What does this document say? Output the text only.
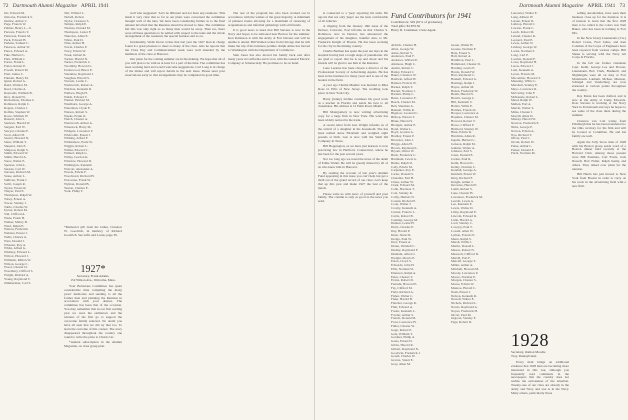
72 Dartmouth Alumni Magazine APRIL 1941
Orr, Edward M.
Osborne, Frederick S.
Outlaw, Arthur C.
Page, Francis W.
Palmer, Henry L., Jr.
Parsons, Francis T.
Patterson, Ernest M.
Peck, Edward H.
Perkins, Samuel C.
Peterson, Arthur W.
Pierce, Edward A.
Pike, Herbert L.
Platt, William J.
Porter, Frank L.
Potter, Robert E.
Powell, Robert M.
Pratt, James C.
Putnam, Henry M.
Quint, Robert G.
Rand, Wallace M.
Reed, Charles A.
Reynolds, William B.
Rice, Donald W.
Richardson, Thomas C.
Robinson, Ralph C.
Rogers, Charles J.
Rollins, Stephen W.
Rowe, William W.
Russell, John S.
Sanborn, Harold W.
Sargent, Earl W.
Sawyer, Charles F.
Scott, Albert H.
Seaver, Howard N.
Shaw, William T.
Shepard, John E.
Simpson, Ralph S.
Smith, Edward W.
Smith, Harold A.
Snow, Walter E.
Spencer, John L.
Stearns, Carl W.
Stevens, Richard M.
Stone, Arthur L.
Sullivan, Frank J.
Swift, Joseph R.
Taylor, Ernest R.
Thayer, Paul E.
Thompson, Ralph W.
Tobey, Ernest A.
Tower, Stanley J.
Tuttle, Charles W.
Upton, Robert M.
Vail, Clifford A.
Wade, Frank H.
Walker, Mabry B.
Ward, Ralph E.
Warren, Frederick
Webster, Ernest J.
Wells, Charles A.
West, Donald J.
Wheeler, Roy A.
White, Alfred G.
Whitney, Edward L.
Wilcox, Howard J.
Williams, Milton W.
Wilson, George C.
Wood, Chester D.
Woodbury, Clifford S.
Wright, Richard A.
Young, Raymond T.
Zimmerman, Carl S.
Taft, Willard L.
Tarbell, Robert
Taylor, Clarence S.
Temple, Ralph E.
Thomas, Donald M.
Thompson, Lester F.
Thurston, Allen E.
Tilton, Paul D.
Titus, Arthur H.
Towle, Charles P.
Tracy, Edwin W.
Trask, Gilbert R.
Tucker, Harold N.
Turner, Frederick C.
Twombly, Howard L.
Underwood, Bruce E.
Valentine, Raymond J.
Vaughan, Harold S.
Vincent, Leslie C.
Wadsworth, Robert A.
Waldron, Kenneth R.
Wallace, Hugh H.
Walsh, Edward T.
Warner, Herbert M.
Washburn, George A.
Waterman, Clyde E.
Watson, Robert S.
Weeks, Frank O.
Welch, Chester A.
Wentworth, Arthur A.
Wheelock, Harry M.
Whipple, Lawrence T.
Whitcomb, Ernest J.
Whiting, Alfred F.
Whittemore, Earle W.
Wiggin, Robert L.
Wilder, Edward C.
Willard, Ralph G.
Willey, Gordon K.
Winslow, Howard D.
Withington, Kenneth
Wolcott, Alexander A.
Woods, Edwin F.
Woodward, Richard H.
Worcester, Frank W.
Wyman, Donald B.
Yeaton, Charles E.
York, Philip T.
*Memorial gift from his father, Clarence W. Goodrich, in memory of Richard Goodrich. See Gifts and Loans, page 36.
1927*
Secretary, Frank Adams,
152 Wilson Ave., Welcome, Mass.

Your Barnstone Committee has spent considerable time compiling the many years' memories and sending to all the former men and planning the Reunion in accordance with your desires. The committee has been that of the occasion. You may remember that in our first reading year we were the estimators and the winners of the first go to support the overcome family selected. No doubt you have all seen that we did try that too. To learn the outcome of this contest. The story disappeared throughout the country one round to write the prize to Chuck Car-

*Annual subscription in the Alumni Magazine, on class group plan.

well who suggested: 'Let's be different and not have any reunions.' This made it very clear that so far as our plans were concerned the committee thought well of the idea. We have been considering further as to the final amount involved that the Reunion should be moved to June. The committee felt this was only right as so many men would be away. Then too, there were all these questions to be settled with respect to the tents and the whole arrangement of the weekend, the special features and so on.

Incidentally, Wells Dover writes that last year the 1927 man in charge found it a great pleasure to meet so many of the class. Also he reports that the Class Day and Commencement week were well attended by the members of the class at Hanover.

Our plans for the coming summer are in the making. We hope that all of you will plan to be with us at least for a part of the time. The committee has been working hard and would welcome suggestions. Carl Long is in charge of the dinner and will report details in the next issue. Please send your reservations early so that arrangements may be completed in good time.

The rest of the program has also been worked out in accordance with the wishes of the great majority. A minimum of planned events allowing for a maximum of renewing of acquaintances and informal gatherings with old friends.

It is good news to learn that Bill Stevens is now in the Navy and hopes to be stationed near Boston for the summer. Ken Robinson is with the Army at Fort Devens and will be unable to attend. Bill Wathen writes from Chicago that he will make the trip if his business permits. Ralph Ames has moved to Washington with the Department of Commerce.

Sam Jones has also moved his family back east after many years in California and is now with the General Electric Company at Schenectady. He promises to be on hand.

Dartmouth Alumni Magazine APRIL 1941 73

is connected to a 'jeep' reporting his units. He reports that not only 'jeeps' are the least comfortable of all vehicles.

A clipping from the January 16th issue of the Denver, Colorado, Post informs us that Charles S. Robinson, now in Denver, has announced the engagement of his daughter, Jennifer Ann, to Mr. Frederick Knight of Boston. He has been working for the city in the mining country.

Charlie Berthen has spent the past ten days in the hospital having had a rough siege of pneumonia. We are glad to report that he is up and about and his friends will be glad to see him at the Reunion.

Lane Lazarus has been chosen a director of the Professional Society of Advertising Agents. He has been in the business for many years and is one of the leaders in the field.

A year ago Charlie Mueller was married to Miss Rose O. Ellis of New Jersey. The wedding took place in New York City.

Harry (Jenny) Jardine continues his good work as a teacher in Florida and sends his best to all classmates. His address is 12 Palm Road, Miami.

Bill Montgomery is now writing advertising copy for a large firm in New York. His work has been widely noticed in the trade.

A recent letter from Gus Wright informs us of the arrival of a daughter in his household. She has been named Anne Elizabeth and weighed eight pounds at birth. Gus is now with the Shell Oil Company in Texas.

Bill Hoppington, as we have just learned, is now practicing law in Hartford, Connecticut, where he has been for the past several years.

Not too long ago we noted the news of the death of Eddie Waller. He will be greatly missed by all of us who knew him in Hanover.

By reading the account of last year's Alumni Fund appearing in this issue you can't help but get a thrill out of the grand record of our class. Let's keep that up this year and make 1927 the best of the bunch.

Please write us with news of yourself and your family. The column is only as good as the news you send.

Fund Contributors for 1941
Contributors: 329 (91% of graduates).
Total gifts: $3,879.50
Harry D. Cusmaker, Class Agent.
Aldrich, Charles H.
Allen, George W.
Ames, Robert S.
Anderson, Paul F.
Andrews, Willard E.
Atkinson, Hugh C.
Austin, Robert C.
Bailey, Edward J.
Baker, Clarence W.
Baldwin, Alfred H.
Ballard, Francis W.
Barnes, Ralph T.
Barrett, Norman J.
Bartlett, Philip C.
Bates, Lawrence E.
Beach, Chester M.
Bell, Sherman A.
Bennett, Willis R.
Bigelow, Leonard C.
Bishop, Warren T.
Blake, Harold S.
Blodgett, Arthur E.
Bond, Walter L.
Boyd, Gordon A.
Bradley, Ernest P.
Brewster, John J.
Briggs, Allen H.
Brown, Raymond L.
Bryant, Oliver W.
Buck, Frederick C.
Burnham, Lewis G.
Butler, Ralph D.
Cady, Edwin M.
Carpenter, Roy E.
Carter, Donald S.
Chandler, Earl H.
Chase, Arthur W.
Clark, Edward M.
Cobb, Harrison T.
Cole, Stanley R.
Colby, Herbert N.
Conant, Richard P.
Cook, Walter J.
Crosby, Kenneth A.
Currier, Francis L.
Curtis, Robert B.
Cushing, George M.
Damon, Leslie H.
Davis, Charles E.
Day, Harold P.
Dean, Stuart R.
Dodge, Paul W.
Dow, Ernest A.
Drake, Wendell C.
Dudley, Raymond F.
Dunham, Alfred J.
Dwight, Morris E.
Eaton, Lloyd S.
Edwards, John H.
Ellis, Norman W.
Emerson, Ralph A.
Estes, Chester T.
Evans, Robert D.
Farnum, Howard E.
Fay, Clifford M.
Field, Richard A.
Fisher, Walter C.
Fiske, Harold B.
Fletcher, George R.
Flint, Edward A.
Foster, Kenneth L.
Fowler, Arthur S.
French, Donald M.
Frost, Lawrence H.
Fuller, Chester W.
Gage, Robert E.
Gale, William T.
Gardner, Philip A.
Gates, Ernest D.
Gibbs, Harold R.
Gilbert, Raymond N.
Goodwin, Frederick J.
Gould, Charles W.
Graves, Stuart E.
Gray, Allen M.
Green, Walter H.
Greene, Norman F.
Hale, Ernest S.
Hall, Robert A.
Hamilton, Paul L.
Hammond, Chester D.
Harding, Lewis E.
Harris, Donald W.
Hart, Raymond C.
Haskell, Edward G.
Hastings, Ralph J.
Hayes, Arthur M.
Hazen, Frederick W.
Heath, Harold N.
Hewitt, George L.
Hill, Kenneth S.
Hobbs, Willis E.
Holmes, Francis R.
Hooper, Lawrence A.
Hopkins, Chester M.
Howard, Robert T.
Howe, Clifford P.
Hubbard, Stanley W.
Hunt, Edwin D.
Hutchins, Allen R.
Ingalls, Herbert C.
Jackson, Ralph M.
Jenkins, Walter A.
Johnson, Earl S.
Jones, Donald E.
Jordan, Paul R.
Keith, Howard L.
Kelley, Norman C.
Kendall, George A.
Kimball, Ernest W.
King, Richard F.
Knight, Arthur J.
Knowles, Harold E.
Lamb, Robert S.
Lane, Chester H.
Lawrence, Frederick M.
Leavitt, Lewis A.
Lee, Kenneth P.
Lewis, Walter D.
Libby, Raymond E.
Lincoln, Edward R.
Little, Harold A.
Lord, Stanley C.
Lovejoy, Paul T.
Lowell, Allen W.
Lyman, Francis E.
Mann, Ralph S.
Marsh, Willis J.
Martin, Donald L.
Mason, Robert N.
Maxwell, Clifford D.
Merrill, Earl F.
Metcalf, George T.
Miller, Arthur A.
Mitchell, Howard M.
Moody, Lawrence P.
Moore, Norman E.
Morgan, Chester S.
Morse, Edwin W.
Munroe, Harold C.
Nash, Ernest J.
Nelson, Kenneth R.
Newell, Walter E.
Nichols, Richard L.
Norris, Raymond A.
Noyes, Frederick H.
Olcott, Paul M.
Osgood, Stanley F.
Page, Robert D.
Lancaster, Walter E.
Lang, Allison W.
Larsen, Ernest D.
Lathrop, Harold J.
Lawton, Frank C.
Leach, Robert M.
Leland, Chester R.
Leonard, Paul E.
Lewis, Arthur N.
Lindsay, George W.
Locke, Norman S.
Long, Carl P.
Loomis, Donald F.
Lowe, Raymond H.
Lucas, Edward J.
Lunt, Kenneth A.
Lyons, Francis M.
Macomber, Howard T.
Manning, Willis C.
Marshall, Stanley E.
Mayo, Lawrence R.
McCarthy, John F.
McKenzie, Robert L.
Mead, Ralph W.
Mellen, Earl A.
Merritt, Walter S.
Miles, Chester J.
Morrill, Allen D.
Murray, Harold W.
Newton, Frederick E.
Nims, George P.
Norton, Edwin A.
Nye, Richard T.
Oliver, Paul C.
Orcutt, Robert W.
Paine, Arthur L.
Parker, Donald E.
Patch, Norman M.
1928
Secretary, Osmon Moodie
Troy, Pennsylvania

Every mail brings an additional evidence that 1928 men are becoming more interested in this war, although you frequently read comments in the newspapers that the country does not realize the seriousness of the situation. Twenty-one of our class are already in the Army and Navy and one is in the Navy. Many others, particularly those

selling automobiles, have seen their business close up for the duration. It is of interest to learn that the first 1928 man to be called to the colors was Tom Baker, who has been in training at Fort Dix.

In the New Jersey Lieutenants (J.G.) Robert Crane, Fred Johns, and Ken Coleman of the Corps of Engineers have been reported from various camps. Bill Shane is serving with the Navy Air Corps in Florida.

In the fall our former classmate Capt. Keith, George Lee and Prosser, Lieutenants Bob Clark, Bushnell, and Nightingale were all on duty at Fort Monmouth. Lanham, McKee, Munson, Schlegel and Vanderburg are now stationed at various points throughout the country.

Ray Mann has been drafted, and is now in the Army at Camp Edwards. Ross Stevens is working at the Navy Yard in Portsmouth and says he hopes to see some of the class there during the summer.

Clarence van Coit writes from Pittsburgh that he has been transferred to the Ohio territory for his firm and will be located at Columbus. He and his family are well.

Again the Jolly Snow man of 1928 with his Boston group sends word of a Boston dinner held recently at the Harvard Club. Among those present were Bill Eastman, Carl Farris, Jack Newell, Bob Fuller, Ralph Kemp and others. They talked over plans for the reunion.

Bill Harris has just moved to New York from Boston in order to carry on his work in the advertising field with a new firm.
